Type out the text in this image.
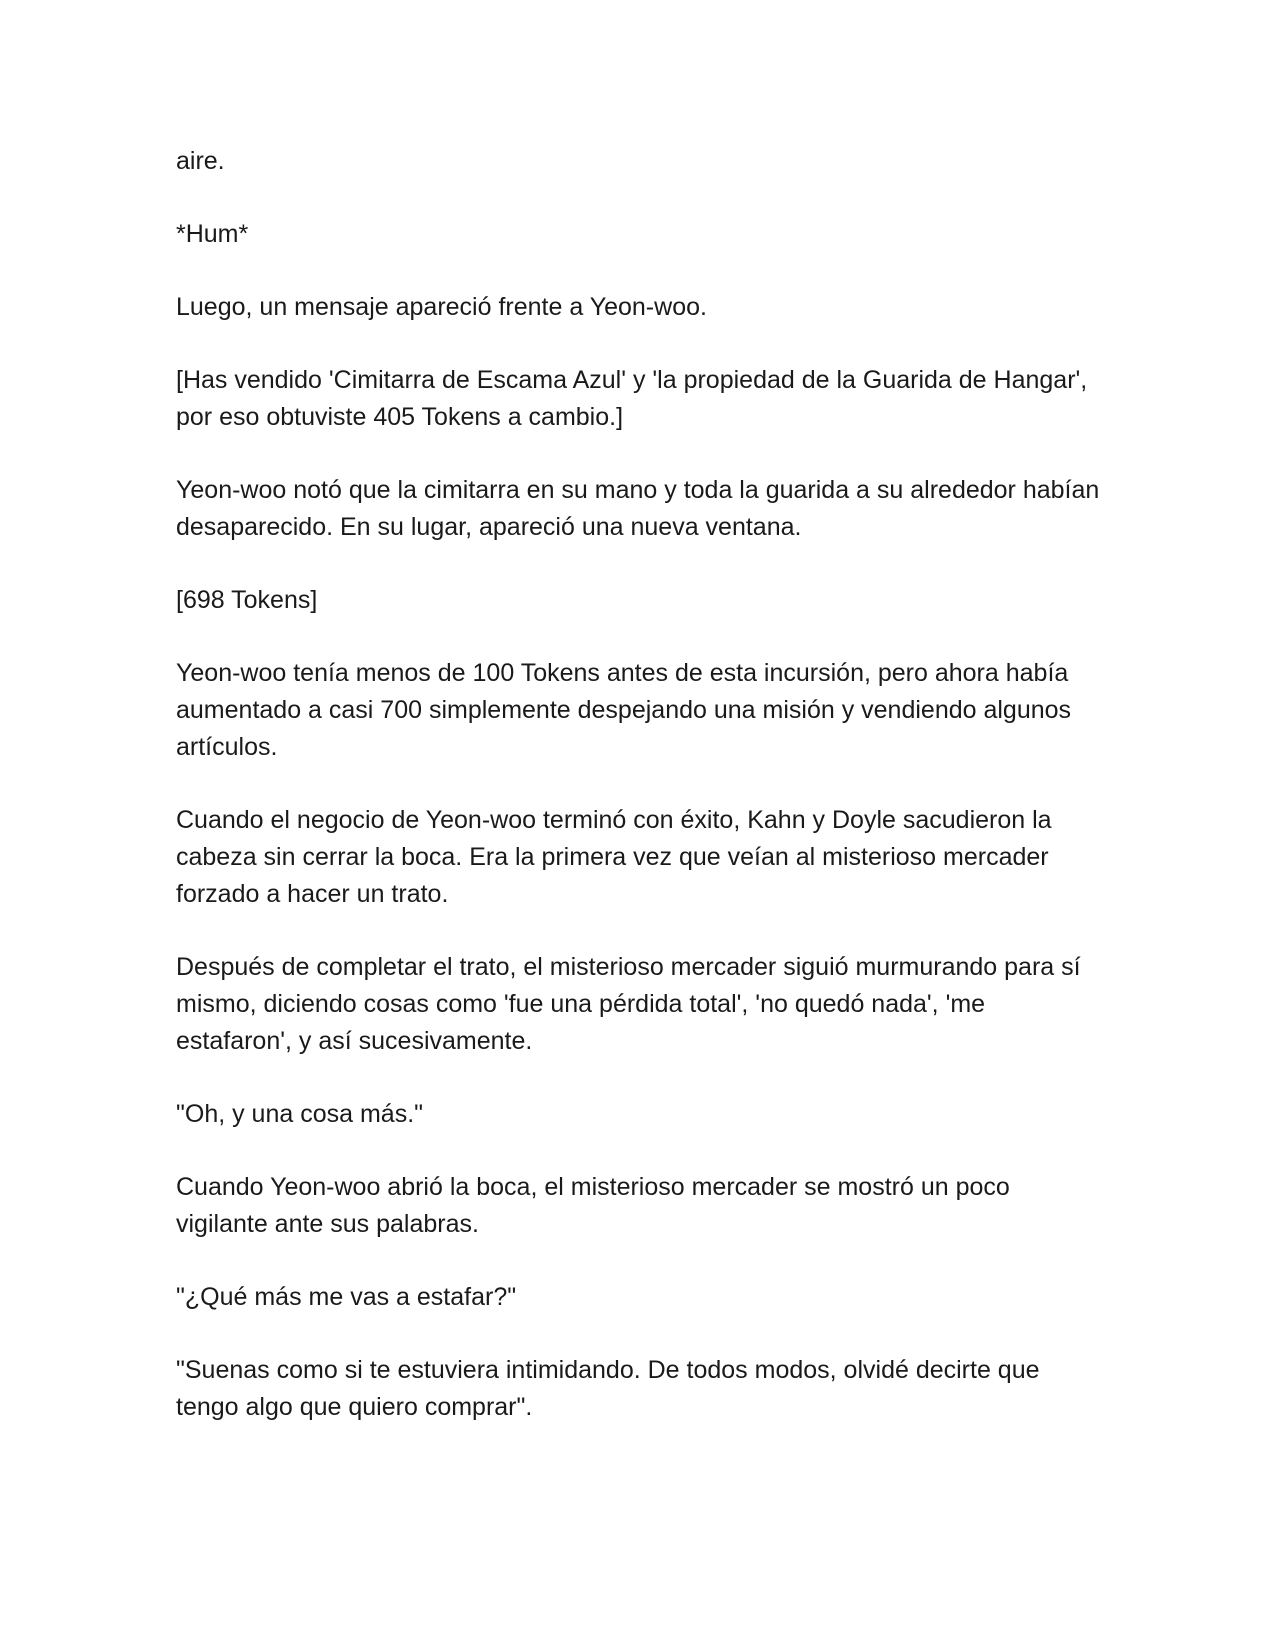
aire.

*Hum*

Luego, un mensaje apareció frente a Yeon-woo.

[Has vendido 'Cimitarra de Escama Azul' y 'la propiedad de la Guarida de Hangar', por eso obtuviste 405 Tokens a cambio.]

Yeon-woo notó que la cimitarra en su mano y toda la guarida a su alrededor habían desaparecido. En su lugar, apareció una nueva ventana.

[698 Tokens]

Yeon-woo tenía menos de 100 Tokens antes de esta incursión, pero ahora había aumentado a casi 700 simplemente despejando una misión y vendiendo algunos artículos.

Cuando el negocio de Yeon-woo terminó con éxito, Kahn y Doyle sacudieron la cabeza sin cerrar la boca. Era la primera vez que veían al misterioso mercader forzado a hacer un trato.

Después de completar el trato, el misterioso mercader siguió murmurando para sí mismo, diciendo cosas como 'fue una pérdida total', 'no quedó nada', 'me estafaron', y así sucesivamente.

"Oh, y una cosa más."

Cuando Yeon-woo abrió la boca, el misterioso mercader se mostró un poco vigilante ante sus palabras.

"¿Qué más me vas a estafar?"

"Suenas como si te estuviera intimidando. De todos modos, olvidé decirte que tengo algo que quiero comprar".
